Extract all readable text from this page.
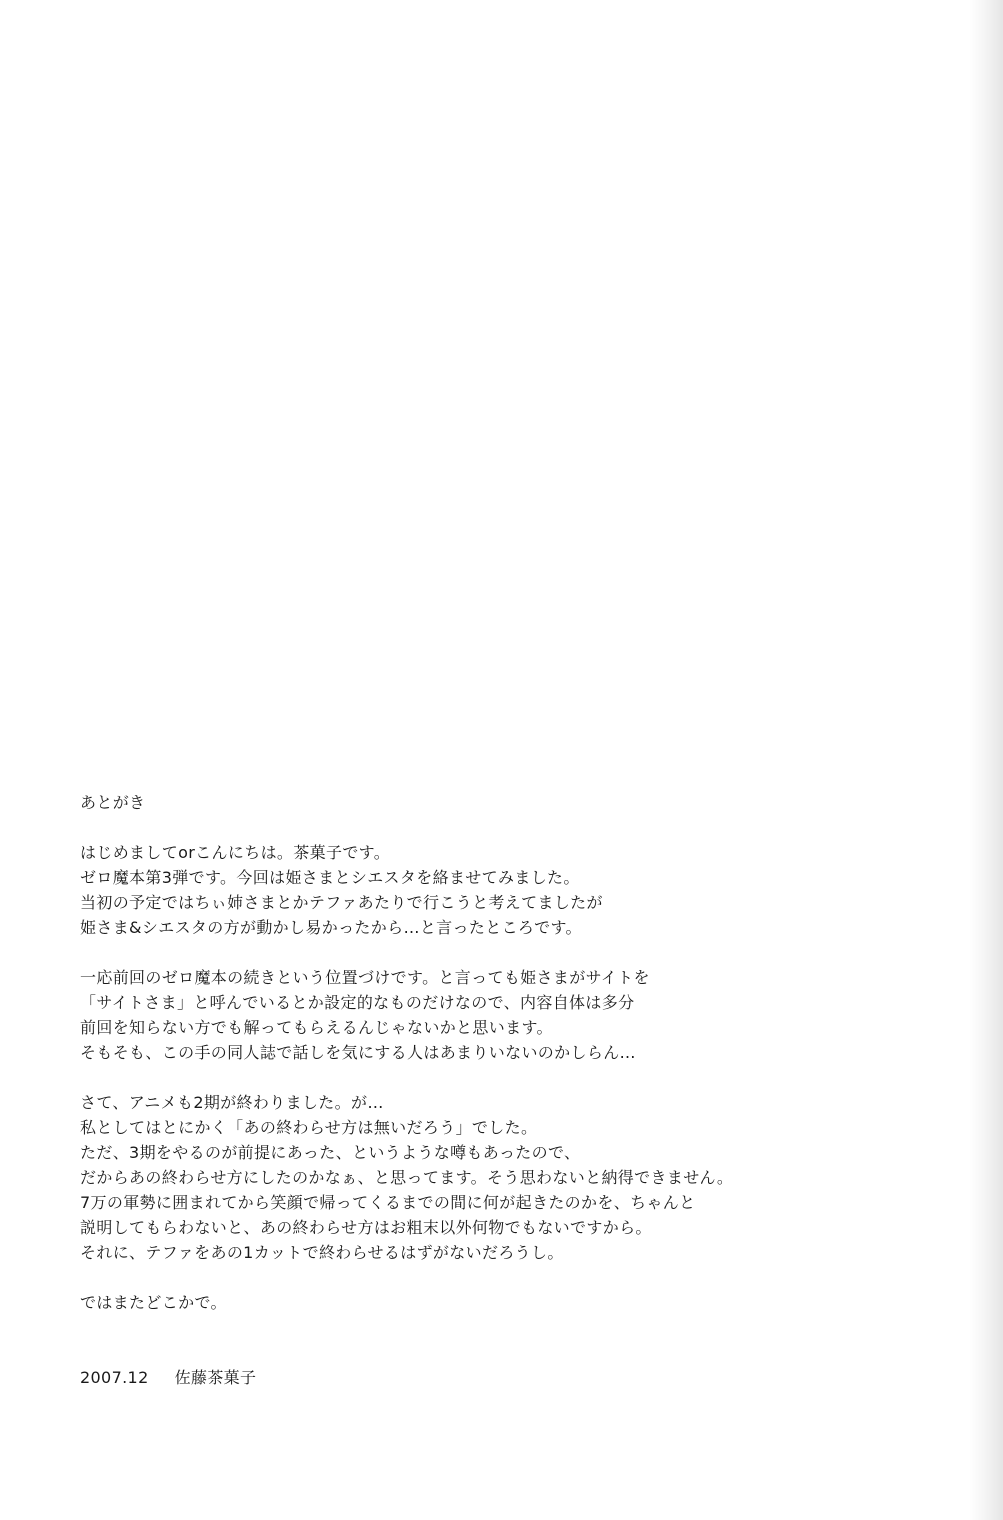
あとがき
はじめましてorこんにちは。茶菓子です。
ゼロ魔本第3弾です。今回は姫さまとシエスタを絡ませてみました。
当初の予定ではちぃ姉さまとかテファあたりで行こうと考えてましたが
姫さま&シエスタの方が動かし易かったから…と言ったところです。
一応前回のゼロ魔本の続きという位置づけです。と言っても姫さまがサイトを
「サイトさま」と呼んでいるとか設定的なものだけなので、内容自体は多分
前回を知らない方でも解ってもらえるんじゃないかと思います。
そもそも、この手の同人誌で話しを気にする人はあまりいないのかしらん…
さて、アニメも2期が終わりました。が…
私としてはとにかく「あの終わらせ方は無いだろう」でした。
ただ、3期をやるのが前提にあった、というような噂もあったので、
だからあの終わらせ方にしたのかなぁ、と思ってます。そう思わないと納得できません。
7万の軍勢に囲まれてから笑顔で帰ってくるまでの間に何が起きたのかを、ちゃんと
説明してもらわないと、あの終わらせ方はお粗末以外何物でもないですから。
それに、テファをあの1カットで終わらせるはずがないだろうし。
ではまたどこかで。
2007.12 佐藤茶菓子
